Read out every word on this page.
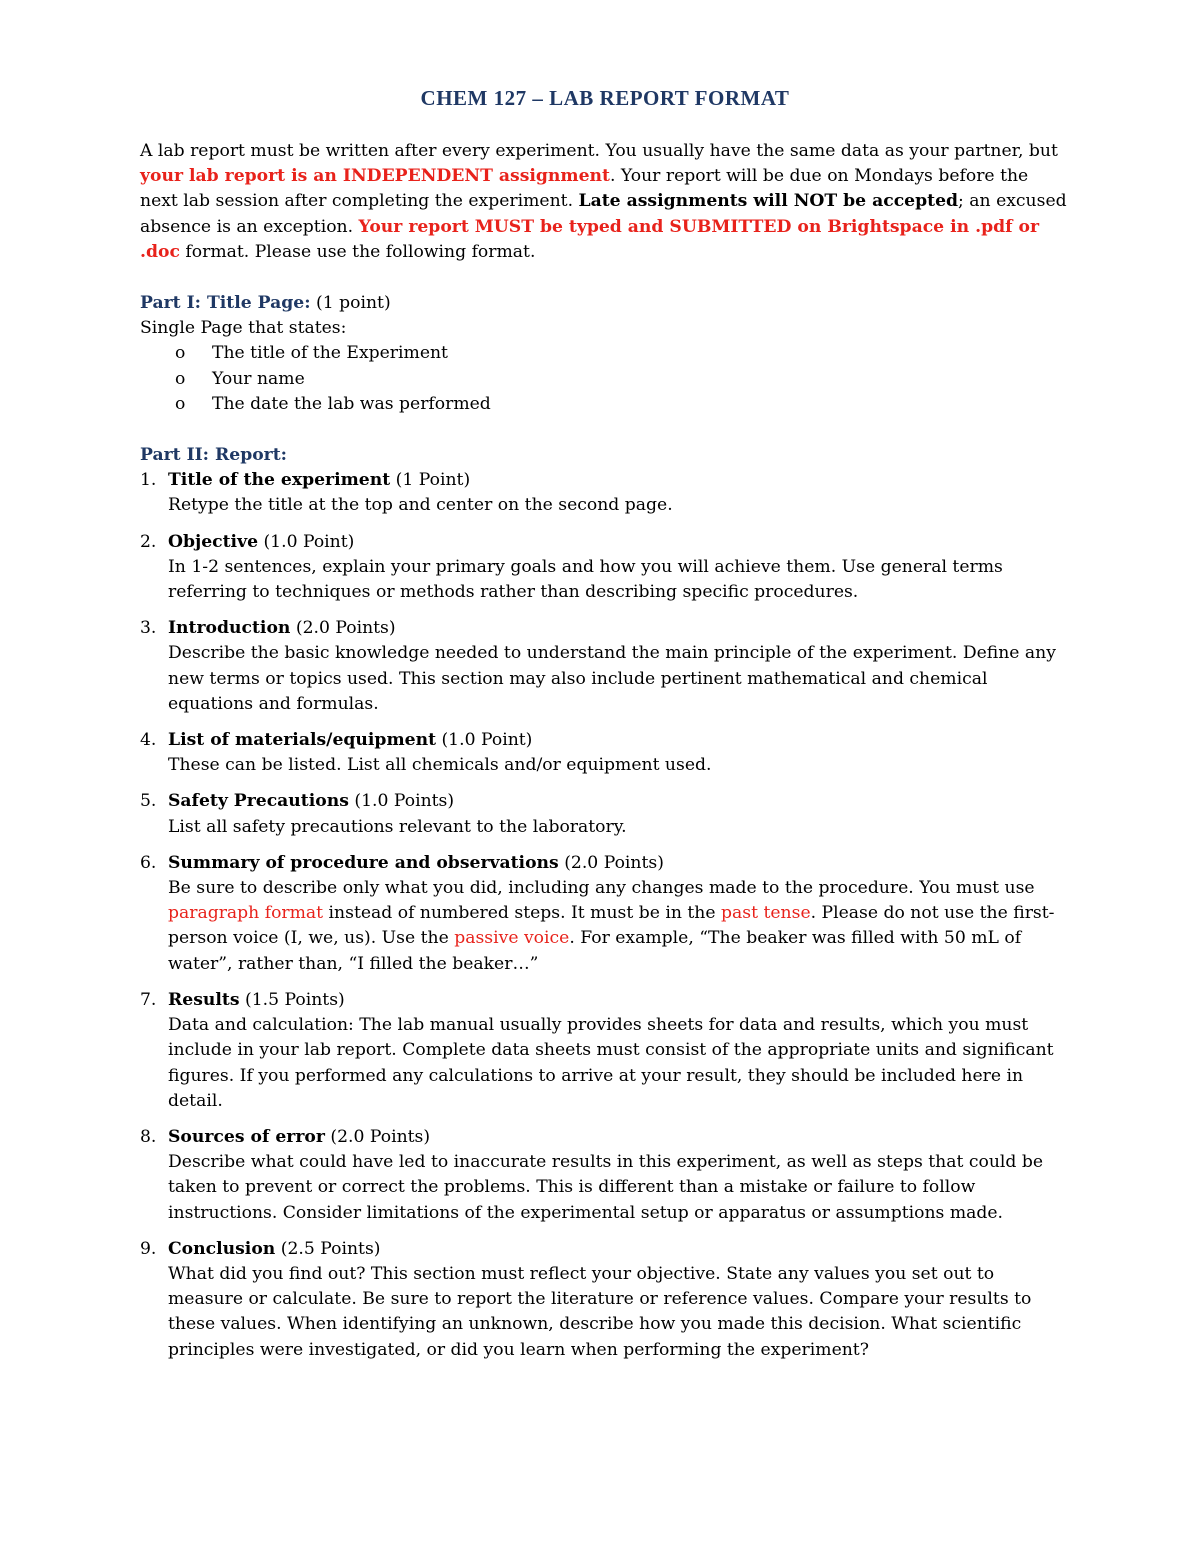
CHEM 127 – LAB REPORT FORMAT

A lab report must be written after every experiment. You usually have the same data as your partner, but your lab report is an INDEPENDENT assignment. Your report will be due on Mondays before the next lab session after completing the experiment. Late assignments will NOT be accepted; an excused absence is an exception. Your report MUST be typed and SUBMITTED on Brightspace in .pdf or .doc format. Please use the following format.

Part I: Title Page: (1 point)
Single Page that states:
o The title of the Experiment
o Your name
o The date the lab was performed
Part II: Report:
1. Title of the experiment (1 Point)

Retype the title at the top and center on the second page.

2. Objective (1.0 Point)

In 1-2 sentences, explain your primary goals and how you will achieve them. Use general terms referring to techniques or methods rather than describing specific procedures.

3. Introduction (2.0 Points)

Describe the basic knowledge needed to understand the main principle of the experiment. Define any new terms or topics used. This section may also include pertinent mathematical and chemical equations and formulas.

4. List of materials/equipment (1.0 Point)

These can be listed. List all chemicals and/or equipment used.

5. Safety Precautions (1.0 Points)

List all safety precautions relevant to the laboratory.

6. Summary of procedure and observations (2.0 Points)

Be sure to describe only what you did, including any changes made to the procedure. You must use paragraph format instead of numbered steps. It must be in the past tense. Please do not use the first-person voice (I, we, us). Use the passive voice. For example, “The beaker was filled with 50 mL of water”, rather than, “I filled the beaker…”

7. Results (1.5 Points)

Data and calculation: The lab manual usually provides sheets for data and results, which you must include in your lab report. Complete data sheets must consist of the appropriate units and significant figures. If you performed any calculations to arrive at your result, they should be included here in detail.

8. Sources of error (2.0 Points)

Describe what could have led to inaccurate results in this experiment, as well as steps that could be taken to prevent or correct the problems. This is different than a mistake or failure to follow instructions. Consider limitations of the experimental setup or apparatus or assumptions made.

9. Conclusion (2.5 Points)

What did you find out? This section must reflect your objective. State any values you set out to measure or calculate. Be sure to report the literature or reference values. Compare your results to these values. When identifying an unknown, describe how you made this decision. What scientific principles were investigated, or did you learn when performing the experiment?
